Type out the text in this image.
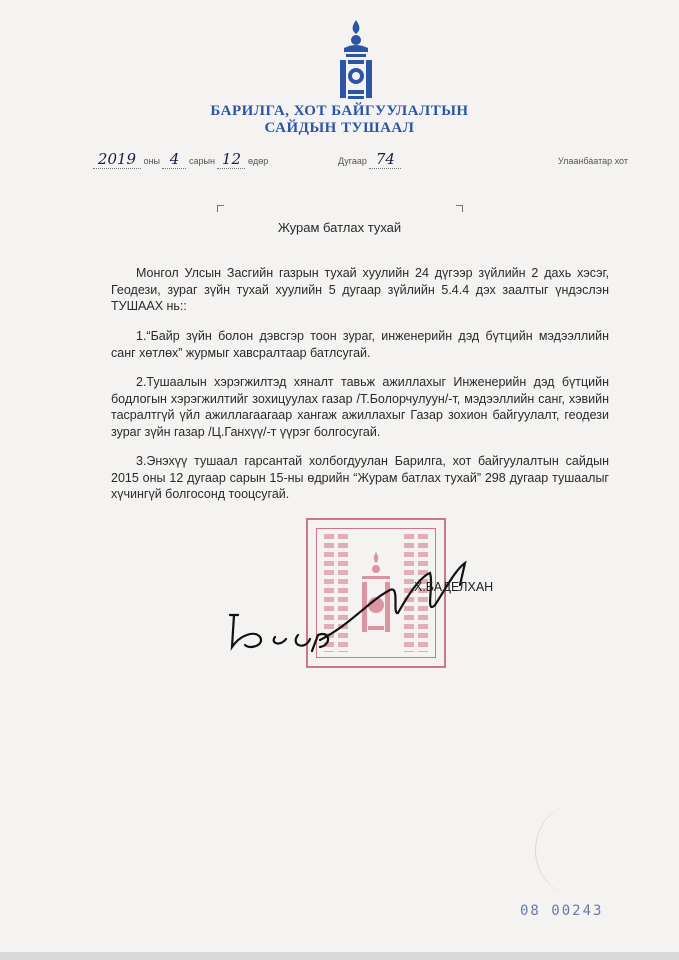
БАРИЛГА, ХОТ БАЙГУУЛАЛТЫН
САЙДЫН ТУШААЛ
2019 оны 4 сарын 12 өдөр	Дугаар 74	Улаанбаатар хот
Журам батлах тухай

Монгол Улсын Засгийн газрын тухай хуулийн 24 дүгээр зүйлийн 2 дахь хэсэг, Геодези, зураг зүйн тухай хуулийн 5 дугаар зүйлийн 5.4.4 дэх заалтыг үндэслэн ТУШААХ нь::

1.“Байр зүйн болон дэвсгэр тоон зураг, инженерийн дэд бүтцийн мэдээллийн санг хөтлөх” журмыг хавсралтаар батлсугай.

2.Тушаалын хэрэгжилтэд хяналт тавьж ажиллахыг Инженерийн дэд бүтцийн бодлогын хэрэгжилтийг зохицуулах газар /Т.Болорчулуун/-т, мэдээллийн санг, хэвийн тасралтгүй үйл ажиллагаагаар хангаж ажиллахыг Газар зохион байгуулалт, геодези зураг зүйн газар /Ц.Ганхүү/-т үүрэг болгосугай.

3.Энэхүү тушаал гарсантай холбогдуулан Барилга, хот байгуулалтын сайдын 2015 оны 12 дугаар сарын 15-ны өдрийн “Журам батлах тухай” 298 дугаар тушаалыг хүчингүй болгосонд тооцсугай.

Х.БАДЕЛХАН
08 00243
